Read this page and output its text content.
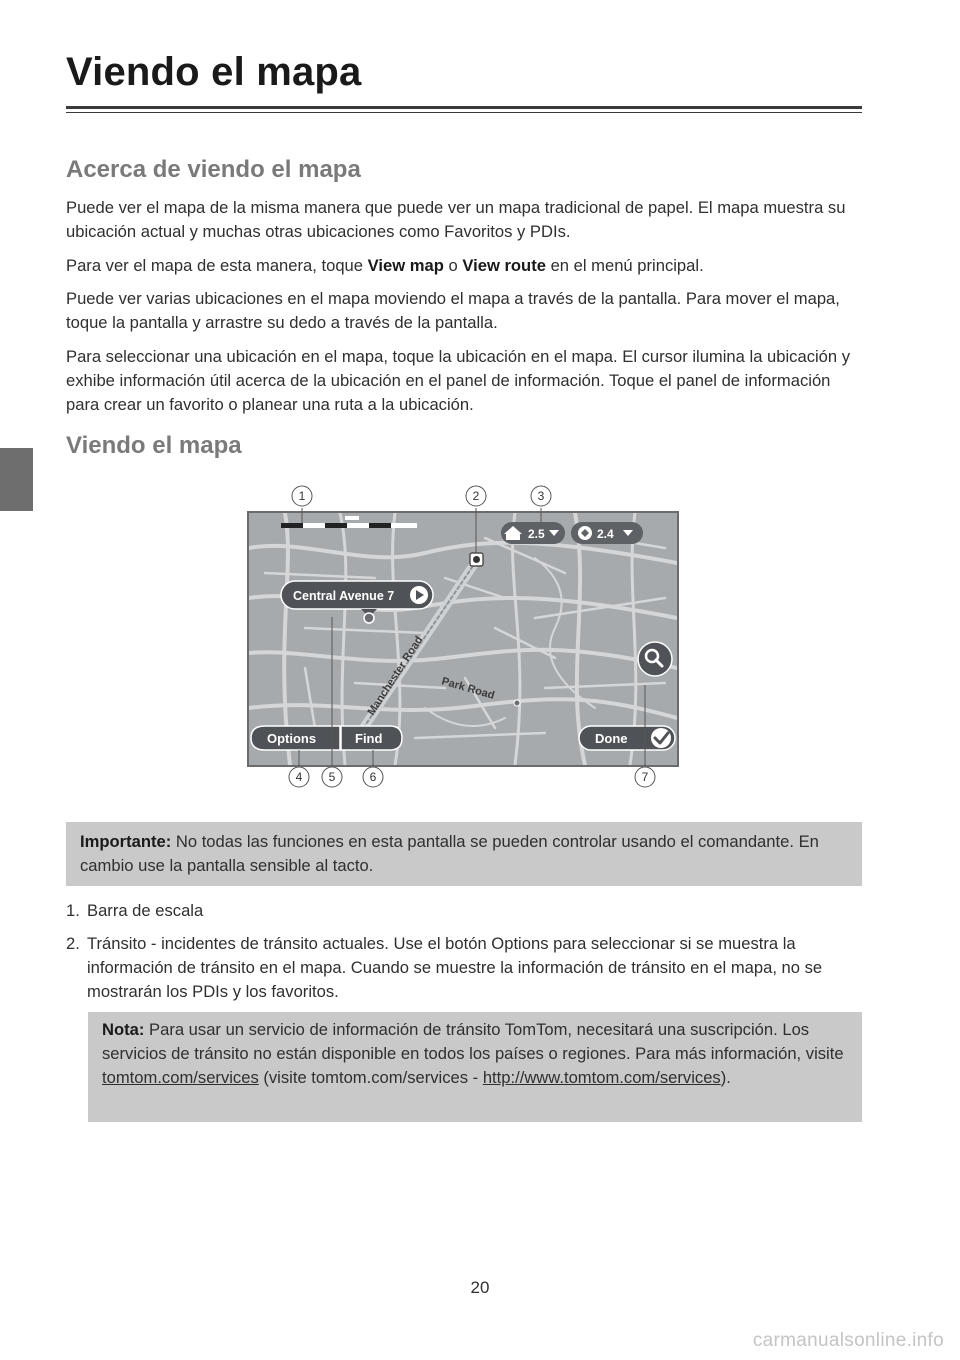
Viendo el mapa
Acerca de viendo el mapa

Puede ver el mapa de la misma manera que puede ver un mapa tradicional de papel. El mapa muestra su ubicación actual y muchas otras ubicaciones como Favoritos y PDIs.

Para ver el mapa de esta manera, toque View map o View route en el menú principal.

Puede ver varias ubicaciones en el mapa moviendo el mapa a través de la pantalla. Para mover el mapa, toque la pantalla y arrastre su dedo a través de la pantalla.

Para seleccionar una ubicación en el mapa, toque la ubicación en el mapa. El cursor ilumina la ubicación y exhibe información útil acerca de la ubicación en el panel de información. Toque el panel de información para crear un favorito o planear una ruta a la ubicación.

Viendo el mapa
2.5	2.4
Central Avenue 7
Manchester Road Park Road
Options	Find	Done
1	2	3
4 5	6	7

Importante: No todas las funciones en esta pantalla se pueden controlar usando el comandante. En cambio use la pantalla sensible al tacto.

1. Barra de escala
2. Tránsito - incidentes de tránsito actuales. Use el botón Options para seleccionar si se muestra la información de tránsito en el mapa. Cuando se muestre la información de tránsito en el mapa, no se mostrarán los PDIs y los favoritos.

Nota: Para usar un servicio de información de tránsito TomTom, necesitará una suscripción. Los servicios de tránsito no están disponible en todos los países o regiones. Para más información, visite
tomtom.com/services (visite tomtom.com/services - http://www.tomtom.com/services).

20
carmanualsonline.info
